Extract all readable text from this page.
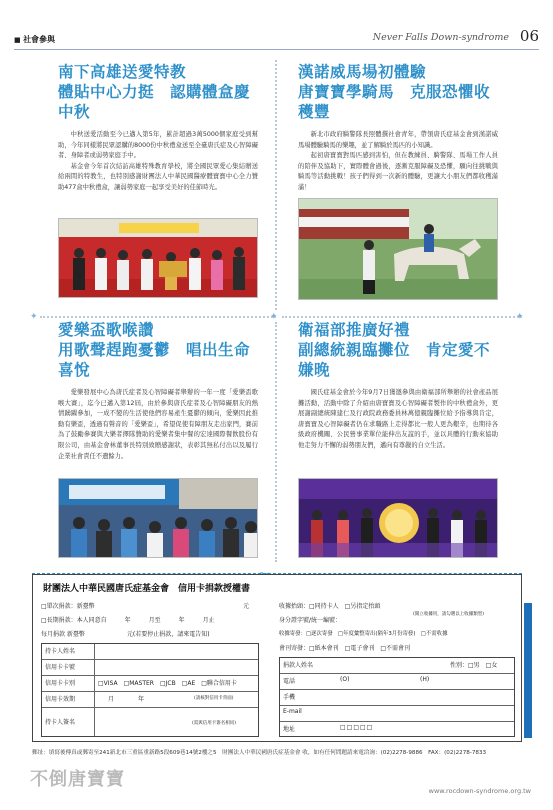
■ 社會參與	Never Falls Down-syndrome 06
南下高雄送愛特教
體貼中心力挺　認購體盒慶中秋

中秋送愛活動至今已邁入第5年，累計超過3萬5000個家庭受到幫助，今年同樣將民眾認購的8000份中秋禮盒送至全臺唐氏症及心智障礙者、身障者或弱勢家庭手中。

基金會今年首次結訪高雄特殊教育學校，將全國民眾愛心集結贈送給兩間的特教生，也特別感謝財團法人中華民國醫療體寶寶中心全力贊助477盒中秋禮盒，讓弱勢家庭一起享受美好的佳節時光。

漢諾威馬場初體驗
唐寶寶學騎馬　克服恐懼收穫豐

新北市政府騎警隊長照體撰社會青年，帶領唐氏症基金會到漢諾威馬場體驗騎馬的樂趣，並了解騎於馬匹的小知識。

起初唐寶寶對馬匹感到害怕，但在教練員、騎警隊、馬場工作人員的陪伴及協助下，實際體會過後，逐漸克服障礙及恐懼，願向往挑戰與騎馬等活動挑戰！孩子們得到一次新的體驗，更讓大小朋友們都收穫滿滿！

✦	✦	✦
愛樂盃歌喉讚
用歌聲趕跑憂鬱　唱出生命喜悅

愛樂發展中心為唐氏症者及心智障礙者舉辦的一年一度「愛樂盃歌喉大賽」，迄今已邁入第12屆，由於參與唐氏症者及心智障礙朋友的熱情踴躍參加，一成不變的生活使他們容易產生憂鬱的傾向，愛樂因此推動有樂盃，透過有聲音的「愛樂盃」，希望促使有障朋友走出家門，賽前為了鼓勵參賽與大樂者擇隊贊助的愛樂者集中餐的宏達國際餐飲股份有限公司，由基金會林董事長特別致贈感謝狀，表彰其無私付出以及履行企業社會責任不遺餘力。

衛福部推廣好禮
副總統親臨攤位　肯定愛不嫌晚

國氏症基金會於今年9月7日獲邀參與由衛福部所舉辦的社會產品展攤活動，活動中除了介紹由唐寶寶及心智障礙者製作的中秋禮盒外，更展謝副總統陳建仁及行政院政務委員林萬億親臨攤位給予指導與肯定，唐寶寶及心智障礙者仍在求職路上走得都比一般人更為艱辛，也期待各級政府機關、公民營事業單位能伸出友誼的手，並以具體的行動來協助他走努力不懈的弱勢朋友們，邁向有尊嚴的自立生活。

財團法人中華民國唐氏症基金會　信用卡捐款授權書
□單次捐款：新臺幣	元
□長期捐款：本人同意自　　　年　　　月至　　　年　　　月止
每月捐款 新臺幣　　　　　　　元(若要停止捐款，請來電告知)
持卡人姓名
信用卡卡號
信用卡卡別	□VISA　□MASTER　□JCB　□AE　□聯合信用卡
信用卡效期	　月　　　　年	(請核對信用卡背面)
持卡人簽名	(需與信用卡簽名相同)
收據抬頭：□同持卡人　□另指定抬頭
(開立收據用，請勾選以上收據類型)
身分證字號/統一編號：
收據寄發：□逐次寄發　□年度彙整寄出(隔年3月份寄發)　□不需收據
會刊寄發：□紙本會刊　□電子會刊　□不需會刊
捐款人姓名	性別：□男　□女
電話	(O)	(H)
手機
E-mail
地址	□□□□□
郵址：填寫後傳真或郵寄至241新北市三重區重新路5段609巷14號2樓之5　財團法人中華民國唐氏症基金會 收，如有任何問題請來電洽詢：(02)2278-9886　FAX：(02)2278-7833
不倒唐寶寶
www.rocdown-syndrome.org.tw
